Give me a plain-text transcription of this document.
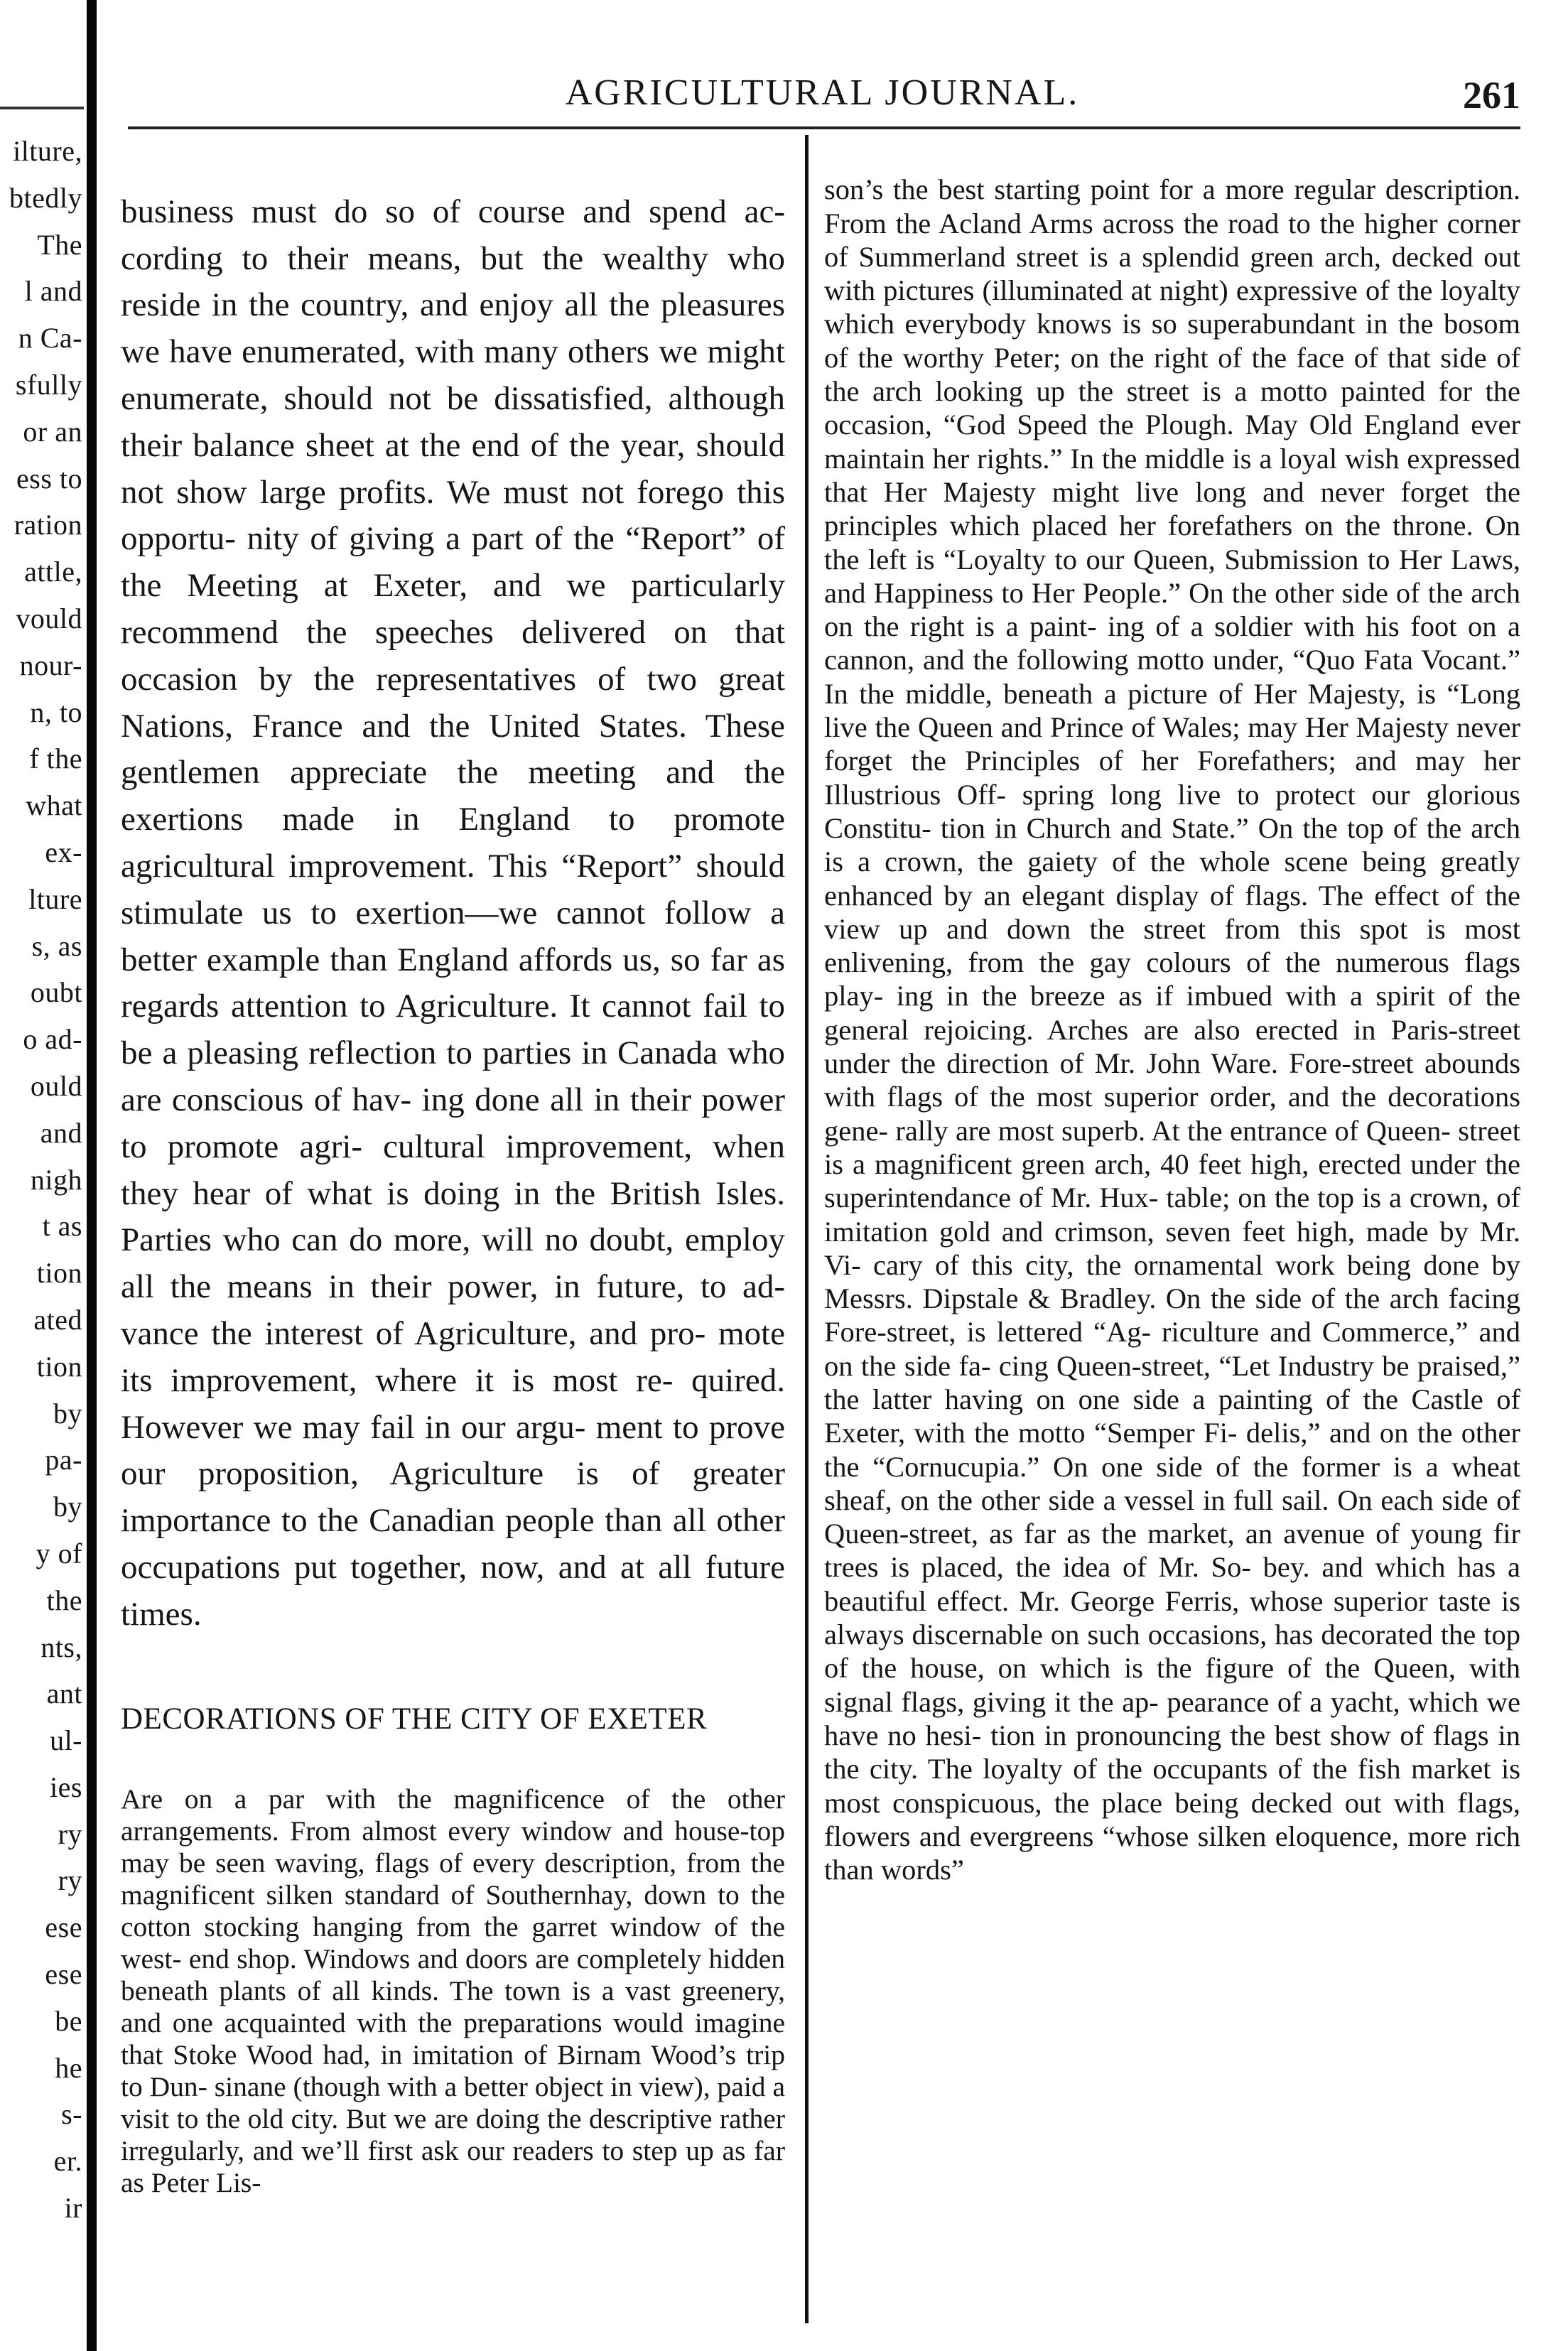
ilture,
btedly
The
l and
n Ca-
sfully
or an
ess to
ration
attle,
vould
nour-
n, to
f the
what
ex-
lture
s, as
oubt
o ad-
ould
and
nigh
t as
tion
ated
tion
by
pa-
by
y of
the
nts,
ant
ul-
ies
ry
ry
ese
ese
be
he
s-
er.
ir
AGRICULTURAL JOURNAL.	261

business must do so of course and spend ac- cording to their means, but the wealthy who reside in the country, and enjoy all the pleasures we have enumerated, with many others we might enumerate, should not be dissatisfied, although their balance sheet at the end of the year, should not show large profits. We must not forego this opportu- nity of giving a part of the “Report” of the Meeting at Exeter, and we particularly recommend the speeches delivered on that occasion by the representatives of two great Nations, France and the United States. These gentlemen appreciate the meeting and the exertions made in England to promote agricultural improvement. This “Report” should stimulate us to exertion—we cannot follow a better example than England affords us, so far as regards attention to Agriculture. It cannot fail to be a pleasing reflection to parties in Canada who are conscious of hav- ing done all in their power to promote agri- cultural improvement, when they hear of what is doing in the British Isles. Parties who can do more, will no doubt, employ all the means in their power, in future, to ad- vance the interest of Agriculture, and pro- mote its improvement, where it is most re- quired. However we may fail in our argu- ment to prove our proposition, Agriculture is of greater importance to the Canadian people than all other occupations put together, now, and at all future times.

DECORATIONS OF THE CITY OF EXETER

Are on a par with the magnificence of the other arrangements. From almost every window and house-top may be seen waving, flags of every description, from the magnificent silken standard of Southernhay, down to the cotton stocking hanging from the garret window of the west- end shop. Windows and doors are completely hidden beneath plants of all kinds. The town is a vast greenery, and one acquainted with the preparations would imagine that Stoke Wood had, in imitation of Birnam Wood’s trip to Dun- sinane (though with a better object in view), paid a visit to the old city. But we are doing the descriptive rather irregularly, and we’ll first ask our readers to step up as far as Peter Lis-

son’s the best starting point for a more regular description. From the Acland Arms across the road to the higher corner of Summerland street is a splendid green arch, decked out with pictures (illuminated at night) expressive of the loyalty which everybody knows is so superabundant in the bosom of the worthy Peter; on the right of the face of that side of the arch looking up the street is a motto painted for the occasion, “God Speed the Plough. May Old England ever maintain her rights.” In the middle is a loyal wish expressed that Her Majesty might live long and never forget the principles which placed her forefathers on the throne. On the left is “Loyalty to our Queen, Submission to Her Laws, and Happiness to Her People.” On the other side of the arch on the right is a paint- ing of a soldier with his foot on a cannon, and the following motto under, “Quo Fata Vocant.” In the middle, beneath a picture of Her Majesty, is “Long live the Queen and Prince of Wales; may Her Majesty never forget the Principles of her Forefathers; and may her Illustrious Off- spring long live to protect our glorious Constitu- tion in Church and State.” On the top of the arch is a crown, the gaiety of the whole scene being greatly enhanced by an elegant display of flags. The effect of the view up and down the street from this spot is most enlivening, from the gay colours of the numerous flags play- ing in the breeze as if imbued with a spirit of the general rejoicing. Arches are also erected in Paris-street under the direction of Mr. John Ware. Fore-street abounds with flags of the most superior order, and the decorations gene- rally are most superb. At the entrance of Queen- street is a magnificent green arch, 40 feet high, erected under the superintendance of Mr. Hux- table; on the top is a crown, of imitation gold and crimson, seven feet high, made by Mr. Vi- cary of this city, the ornamental work being done by Messrs. Dipstale & Bradley. On the side of the arch facing Fore-street, is lettered “Ag- riculture and Commerce,” and on the side fa- cing Queen-street, “Let Industry be praised,” the latter having on one side a painting of the Castle of Exeter, with the motto “Semper Fi- delis,” and on the other the “Cornucupia.” On one side of the former is a wheat sheaf, on the other side a vessel in full sail. On each side of Queen-street, as far as the market, an avenue of young fir trees is placed, the idea of Mr. So- bey. and which has a beautiful effect. Mr. George Ferris, whose superior taste is always discernable on such occasions, has decorated the top of the house, on which is the figure of the Queen, with signal flags, giving it the ap- pearance of a yacht, which we have no hesi- tion in pronouncing the best show of flags in the city. The loyalty of the occupants of the fish market is most conspicuous, the place being decked out with flags, flowers and evergreens “whose silken eloquence, more rich than words”
